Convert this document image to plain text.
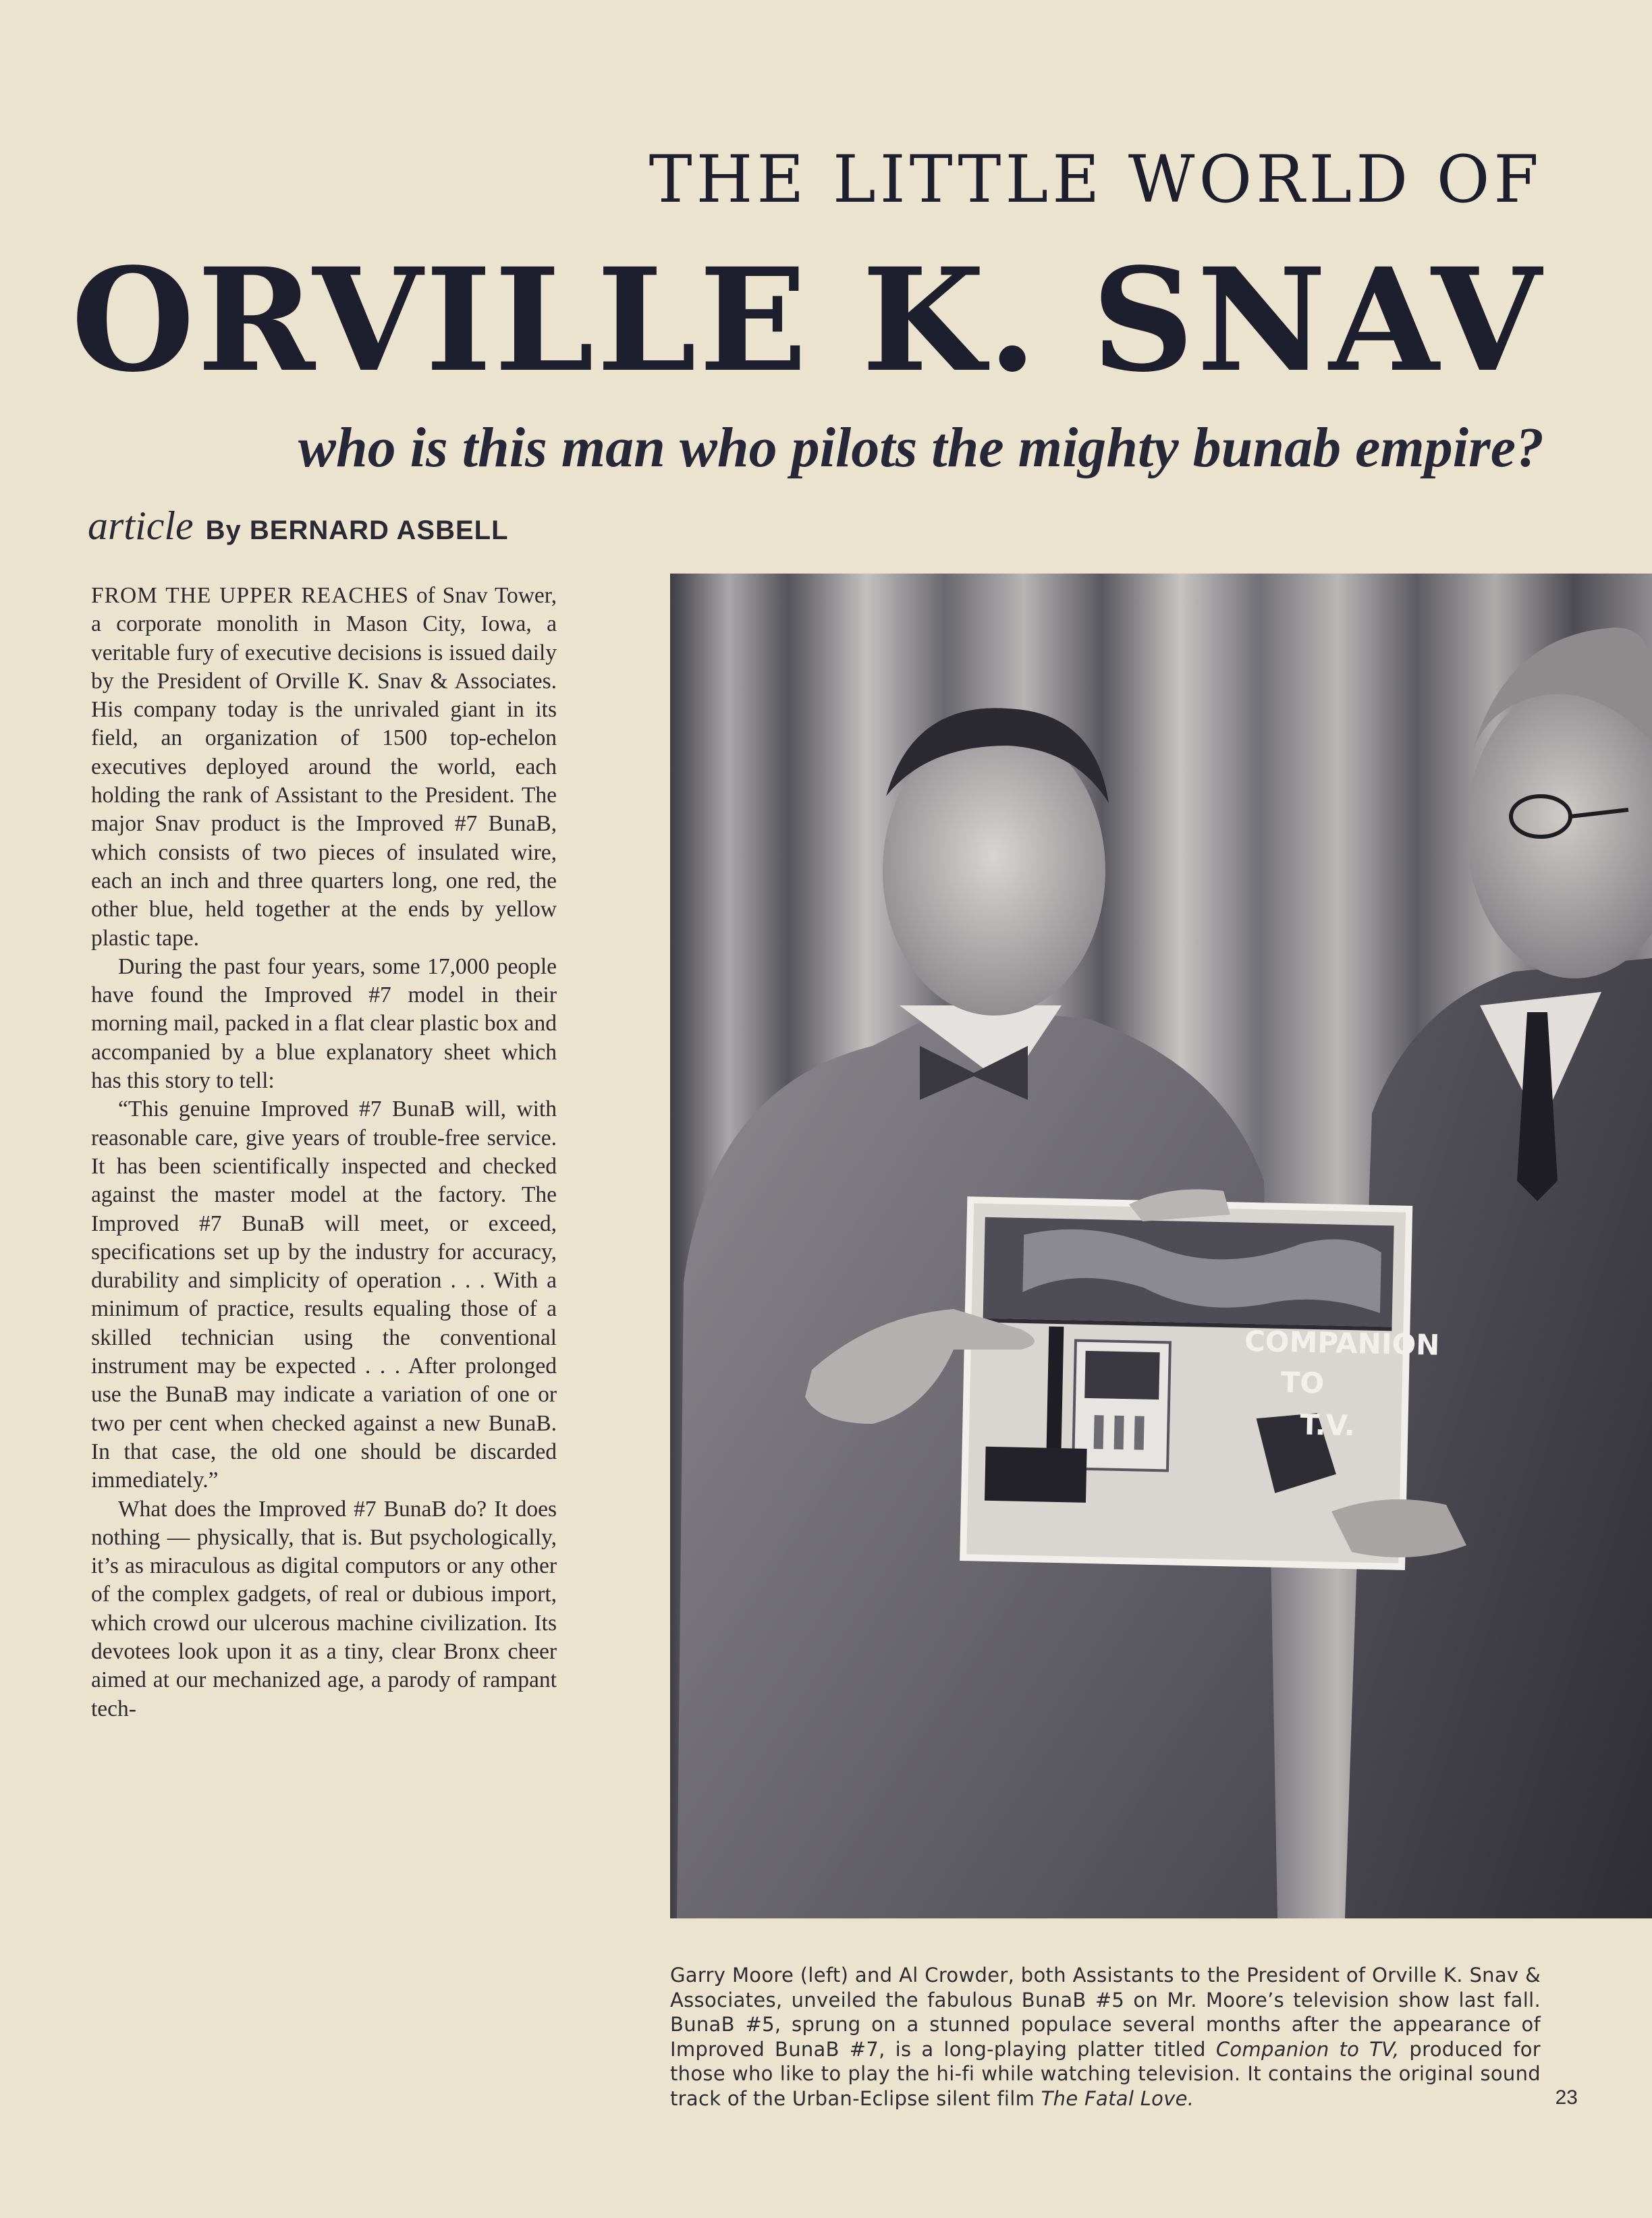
THE LITTLE WORLD OF
ORVILLE K. SNAV
who is this man who pilots the mighty bunab empire?
article By BERNARD ASBELL

FROM THE UPPER REACHES of Snav Tower, a corporate monolith in Mason City, Iowa, a veritable fury of executive decisions is issued daily by the President of Orville K. Snav & Associates. His company today is the unrivaled giant in its field, an organization of 1500 top-echelon executives deployed around the world, each holding the rank of Assistant to the President. The major Snav product is the Improved #7 BunaB, which consists of two pieces of insulated wire, each an inch and three quarters long, one red, the other blue, held together at the ends by yellow plastic tape.

During the past four years, some 17,000 people have found the Improved #7 model in their morning mail, packed in a flat clear plastic box and accompanied by a blue explanatory sheet which has this story to tell:

“This genuine Improved #7 BunaB will, with reasonable care, give years of trouble-free service. It has been scientifically inspected and checked against the master model at the factory. The Improved #7 BunaB will meet, or exceed, specifications set up by the industry for accuracy, durability and simplicity of operation . . . With a minimum of practice, results equaling those of a skilled technician using the conventional instrument may be expected . . . After prolonged use the BunaB may indicate a variation of one or two per cent when checked against a new BunaB. In that case, the old one should be discarded immediately.”

What does the Improved #7 BunaB do? It does nothing — physically, that is. But psychologically, it’s as miraculous as digital computors or any other of the complex gadgets, of real or dubious import, which crowd our ulcerous machine civilization. Its devotees look upon it as a tiny, clear Bronx cheer aimed at our mechanized age, a parody of rampant tech-

COMPANION
TO
T.V.

Garry Moore (left) and Al Crowder, both Assistants to the President of Orville K. Snav & Associates, unveiled the fabulous BunaB #5 on Mr. Moore’s television show last fall. BunaB #5, sprung on a stunned populace several months after the appearance of Improved BunaB #7, is a long-playing platter titled Companion to TV, produced for those who like to play the hi-fi while watching television. It contains the original sound track of the Urban-Eclipse silent film The Fatal Love.	23
